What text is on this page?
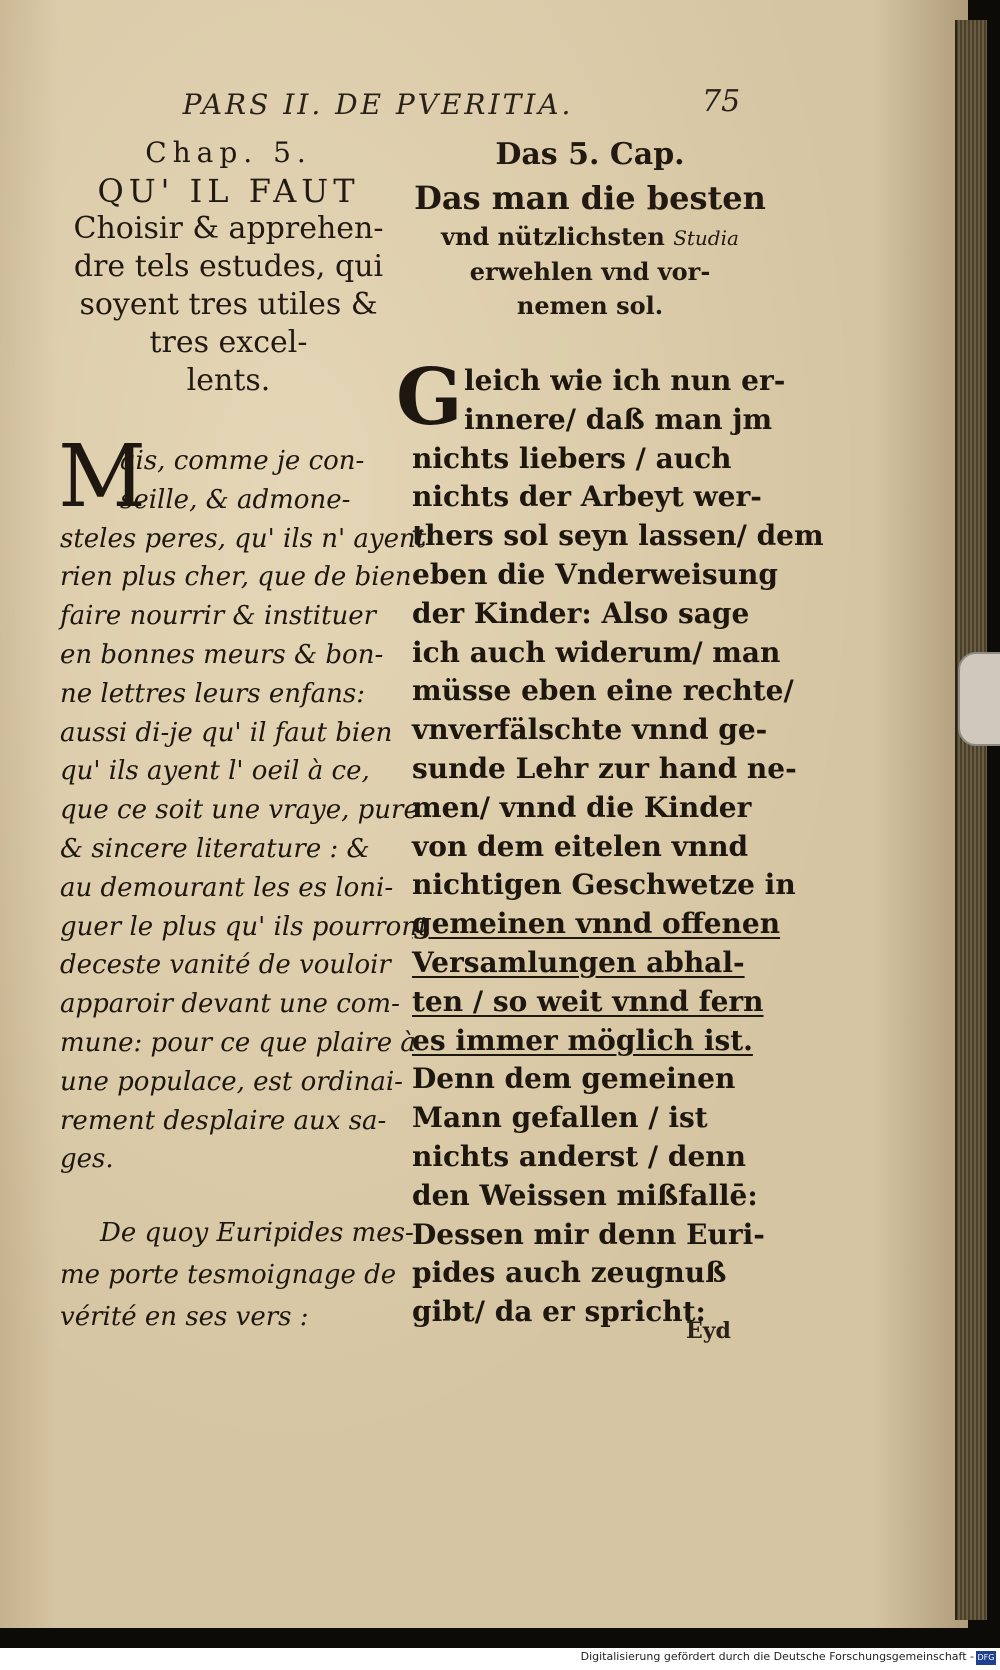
PARS II. DE PVERITIA.	75
Chap. 5.
QU' IL FAUT
Choisir & apprehen-
dre tels estudes, qui
soyent tres utiles &
tres excel-
lents.
M
ais, comme je con-
seille, & admone-
steles peres, qu' ils n' ayent
rien plus cher, que de bien
faire nourrir & instituer
en bonnes meurs & bon-
ne lettres leurs enfans:
aussi di-je qu' il faut bien
qu' ils ayent l' oeil à ce,
que ce soit une vraye, pure
& sincere literature : &
au demourant les es loni-
guer le plus qu' ils pourront
deceste vanité de vouloir
apparoir devant une com-
mune: pour ce que plaire à
une populace, est ordinai-
rement desplaire aux sa-
ges.
De quoy Euripides mes-
me porte tesmoignage de
vérité en ses vers :
Das 5. Cap.
Das man die besten
vnd nützlichsten Studia
erwehlen vnd vor-
nemen sol.
G leich wie ich nun er-
innere/ daß man jm
nichts liebers / auch
nichts der Arbeyt wer-
thers sol seyn lassen/ dem
eben die Vnderweisung
der Kinder: Also sage
ich auch widerum/ man
müsse eben eine rechte/
vnverfälschte vnnd ge-
sunde Lehr zur hand ne-
men/ vnnd die Kinder
von dem eitelen vnnd
nichtigen Geschwetze in
gemeinen vnnd offenen
Versamlungen abhal-
ten / so weit vnnd fern
es immer möglich ist.
Denn dem gemeinen
Mann gefallen / ist
nichts anderst / denn
den Weissen mißfallē:
Dessen mir denn Euri-
pides auch zeugnuß
gibt/ da er spricht:
Eyd
Digitalisierung gefördert durch die Deutsche Forschungsgemeinschaft - DFG
